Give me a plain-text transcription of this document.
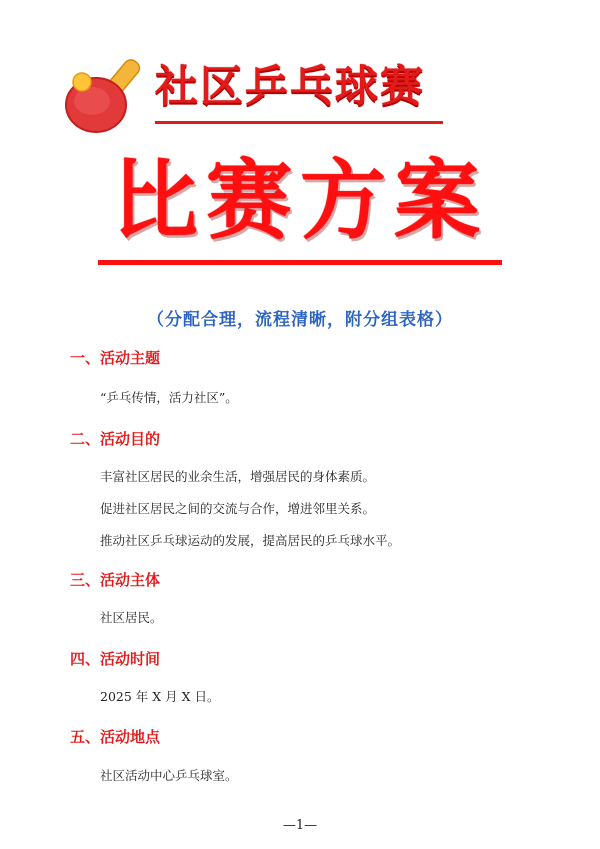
社区乒乓球赛
比赛方案
（分配合理，流程清晰，附分组表格）
一、活动主题
“乒乓传情，活力社区”。
二、活动目的
丰富社区居民的业余生活，增强居民的身体素质。
促进社区居民之间的交流与合作，增进邻里关系。
推动社区乒乓球运动的发展，提高居民的乒乓球水平。
三、活动主体
社区居民。
四、活动时间
2025 年 X 月 X 日。
五、活动地点
社区活动中心乒乓球室。
—1—
